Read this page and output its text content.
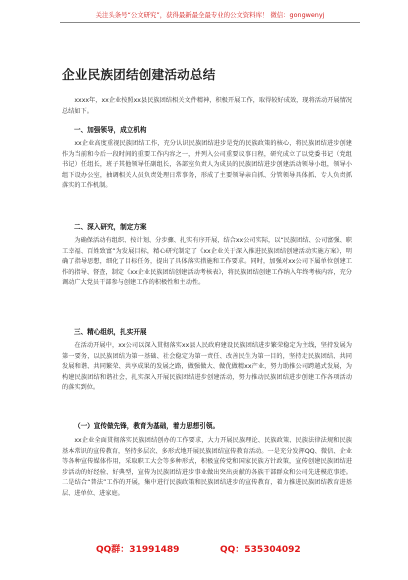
关注头条号“公文研究”，获得最新最全最专业的公文资料库！ 微信：gongwenyj
企业民族团结创建活动总结

xxxx年，xx企业按照xx县民族团结相关文件精神，积极开展工作，取得较好成效，现将活动开展情况总结如下。

一、加强领导，成立机构

xx企业高度重视民族团结工作，充分认识民族团结进步是党的民族政策的核心，将民族团结进步创建作为当前和今后一段时间的重要工作内容之一，并列入公司重要议事日程，研究成立了以党委书记（党组书记）任组长，班子其他领导任副组长，各部室负责人为成员的民族团结进步创建活动领导小组，领导小组下设办公室，抽调相关人员负责处理日常事务，形成了主要领导亲自抓、分管领导具体抓、专人负责抓落实的工作机制。

二、深入研究，制定方案

为确保活动有组织、按计划、分步骤、扎实有序开展，结合xx公司实际，以“民族团结、公司富强、职工幸福、百姓致富”为发展目标，精心研究制定了《xx企业关于深入推进民族团结创建活动实施方案》，明确了指导思想，细化了目标任务，提出了具体落实措施和工作要求。同时，加强对xx公司下属单位创建工作的指导、督查，制定《xx企业民族团结创建活动考核表》，将民族团结创建工作纳入年终考核内容，充分调动广大党员干部参与创建工作的积极性和主动性。

三、精心组织，扎实开展

在活动开展中，xx公司以深入贯彻落实xx县人民政府建设民族团结进步繁荣稳定为主线，坚持发展为第一要务，以民族团结为第一基础、社会稳定为第一责任、改善民生为第一目的，坚持走民族团结、共同发展和谐、共同繁荣、共享成果的发展之路，做强做大、做优做精xx产业，努力助推公司跨越式发展，为构建民族团结和谐社会，扎实深入开展民族团结进步创建活动，努力推动民族团结进步创建工作各项活动的落实到位。

（一）宣传做先锋，教育为基础，着力思想引领。

xx企业全面贯彻落实民族团结创办的工作要求，大力开展民族理论、民族政策、民族法律法规和民族基本常识的宣传教育，坚持多层次、多形式地开展民族团结宣传教育活动。一是充分发挥QQ、微信、企业等各种宣传媒体作用，采取职工大会等多种形式，积极宣传党和国家民族方针政策，宣传创建民族团结进步活动的好经验、好典型，宣传为民族团结进步事业做出突出贡献的各族干部群众和公司先进模范事迹。二是结合“普法”工作的开展，集中进行民族政策和民族团结进步的宣传教育，着力推进民族团结教育进基层、进单位、进家庭。

QQ群：31991489	QQ：535304092
